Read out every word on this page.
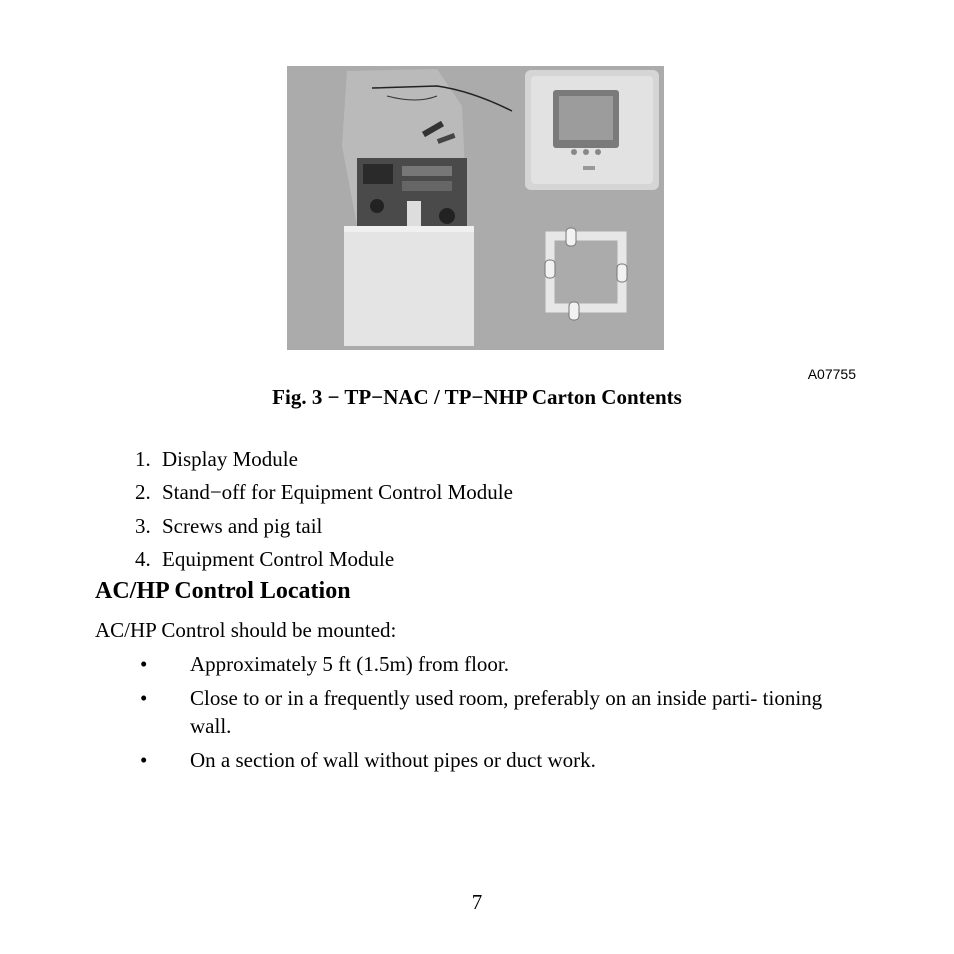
A07755
Fig. 3 − TP−NAC / TP−NHP Carton Contents
1. Display Module
2. Stand−off for Equipment Control Module
3. Screws and pig tail
4. Equipment Control Module
AC/HP Control Location
AC/HP Control should be mounted:
• Approximately 5 ft (1.5m) from floor.
• Close to or in a frequently used room, preferably on an inside parti- tioning wall.
• On a section of wall without pipes or duct work.
7
